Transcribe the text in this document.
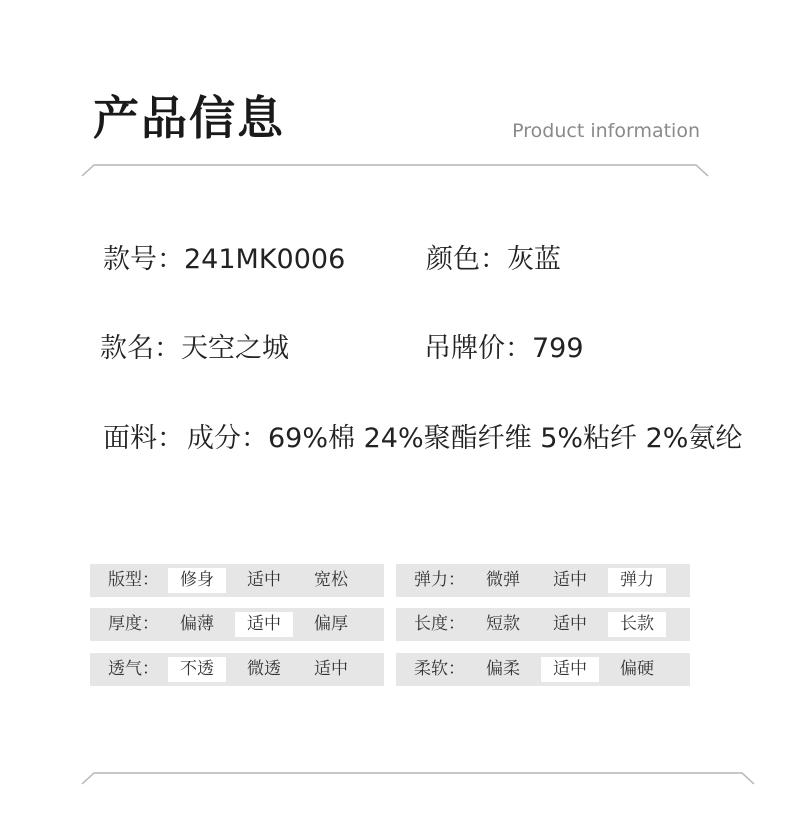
产品信息	Product information
款号：241MK0006	颜色：灰蓝
款名：天空之城	吊牌价：799
面料： 成分：69%棉 24%聚酯纤维 5%粘纤 2%氨纶
版型：	修身	适中	宽松
厚度：	偏薄	适中	偏厚
透气：	不透	微透	适中
弹力：	微弹	适中	弹力
长度：	短款	适中	长款
柔软：	偏柔	适中	偏硬
